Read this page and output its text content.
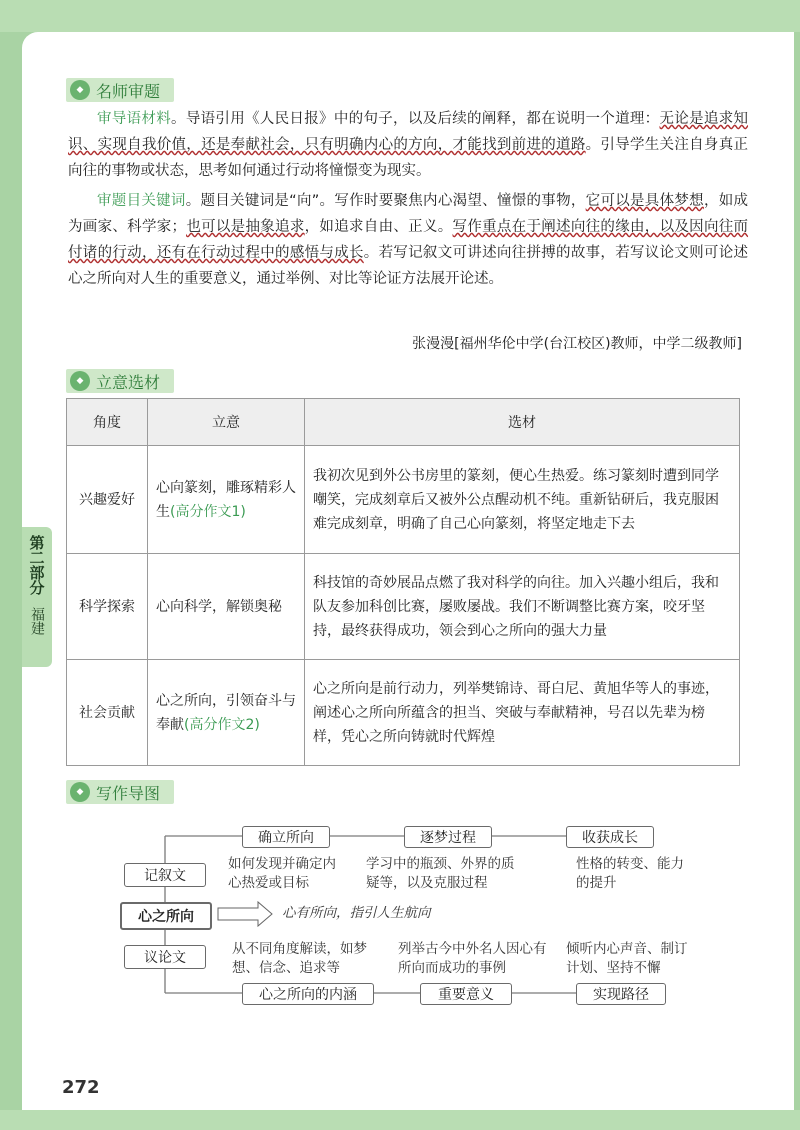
◆ 名师审题
审导语材料。导语引用《人民日报》中的句子，以及后续的阐释，都在说明一个道理：无论是追求知识、实现自我价值，还是奉献社会，只有明确内心的方向，才能找到前进的道路。引导学生关注自身真正向往的事物或状态，思考如何通过行动将憧憬变为现实。
审题目关键词。题目关键词是“向”。写作时要聚焦内心渴望、憧憬的事物，它可以是具体梦想，如成为画家、科学家；也可以是抽象追求，如追求自由、正义。写作重点在于阐述向往的缘由，以及因向往而付诸的行动，还有在行动过程中的感悟与成长。若写记叙文可讲述向往拼搏的故事，若写议论文则可论述心之所向对人生的重要意义，通过举例、对比等论证方法展开论述。
张漫漫[福州华伦中学(台江校区)教师，中学二级教师]
◆ 立意选材
角度	立意	选材
兴趣爱好	心向篆刻，雕琢精彩人生(高分作文1)	我初次见到外公书房里的篆刻，便心生热爱。练习篆刻时遭到同学嘲笑，完成刻章后又被外公点醒动机不纯。重新钻研后，我克服困难完成刻章，明确了自己心向篆刻，将坚定地走下去
科学探索	心向科学，解锁奥秘	科技馆的奇妙展品点燃了我对科学的向往。加入兴趣小组后，我和队友参加科创比赛，屡败屡战。我们不断调整比赛方案，咬牙坚持，最终获得成功，领会到心之所向的强大力量
社会贡献	心之所向，引领奋斗与奉献(高分作文2)	心之所向是前行动力，列举樊锦诗、哥白尼、黄旭华等人的事迹，阐述心之所向所蕴含的担当、突破与奉献精神，号召以先辈为榜样，凭心之所向铸就时代辉煌
第二部分
福建
◆ 写作导图
确立所向	逐梦过程	收获成长
记叙文
心之所向
议论文
如何发现并确定内心热爱或目标
学习中的瓶颈、外界的质疑等，以及克服过程
性格的转变、能力的提升
心有所向，指引人生航向
从不同角度解读，如梦想、信念、追求等
列举古今中外名人因心有所向而成功的事例
倾听内心声音、制订计划、坚持不懈
心之所向的内涵	重要意义	实现路径
272
